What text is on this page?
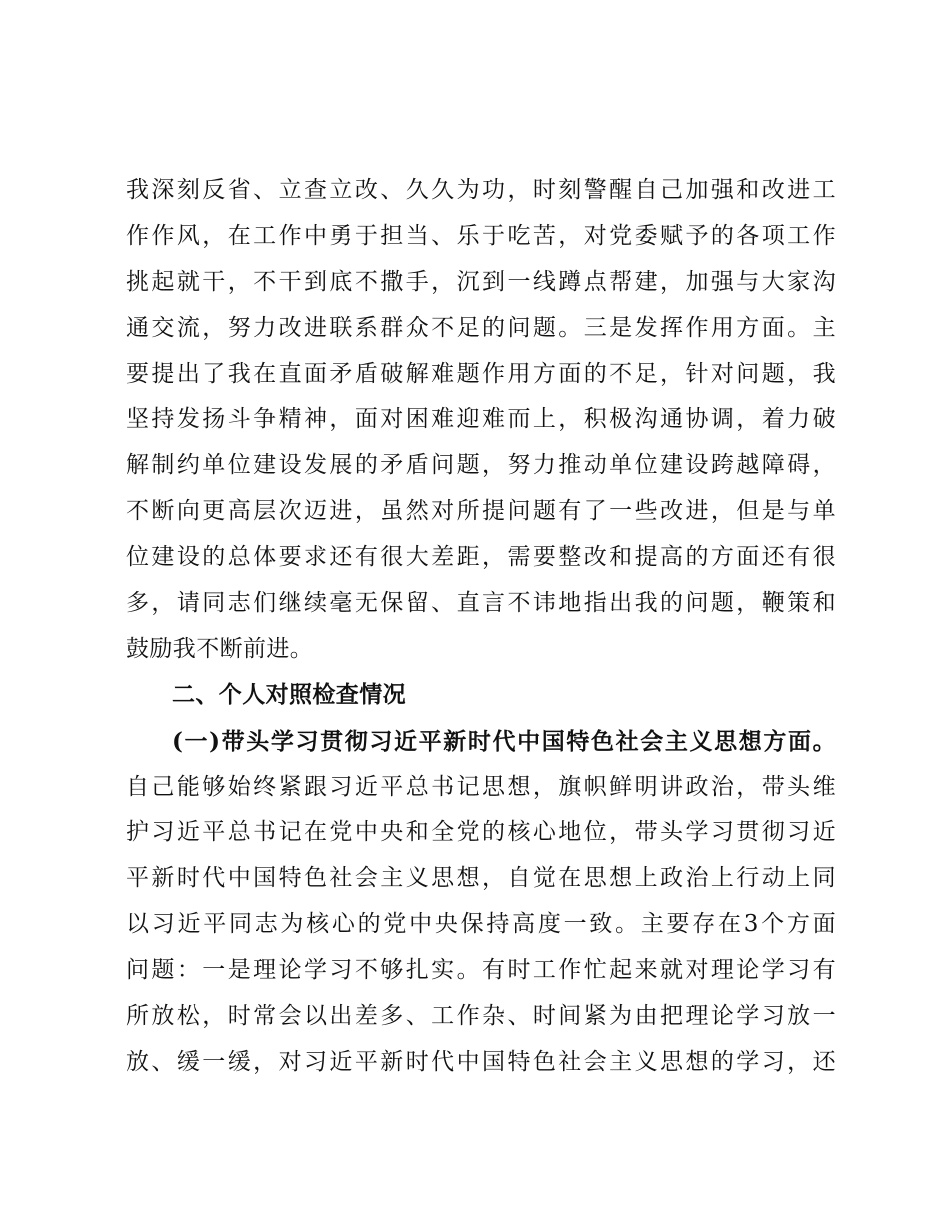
我深刻反省、立查立改、久久为功，时刻警醒自己加强和改进工
作作风，在工作中勇于担当、乐于吃苦，对党委赋予的各项工作
挑起就干，不干到底不撒手，沉到一线蹲点帮建，加强与大家沟
通交流，努力改进联系群众不足的问题。三是发挥作用方面。主
要提出了我在直面矛盾破解难题作用方面的不足，针对问题，我
坚持发扬斗争精神，面对困难迎难而上，积极沟通协调，着力破
解制约单位建设发展的矛盾问题，努力推动单位建设跨越障碍，
不断向更高层次迈进，虽然对所提问题有了一些改进，但是与单
位建设的总体要求还有很大差距，需要整改和提高的方面还有很
多，请同志们继续毫无保留、直言不讳地指出我的问题，鞭策和
鼓励我不断前进。
二、个人对照检查情况
(一)带头学习贯彻习近平新时代中国特色社会主义思想方面。
自己能够始终紧跟习近平总书记思想，旗帜鲜明讲政治，带头维
护习近平总书记在党中央和全党的核心地位，带头学习贯彻习近
平新时代中国特色社会主义思想，自觉在思想上政治上行动上同
以习近平同志为核心的党中央保持高度一致。主要存在3个方面
问题：一是理论学习不够扎实。有时工作忙起来就对理论学习有
所放松，时常会以出差多、工作杂、时间紧为由把理论学习放一
放、缓一缓，对习近平新时代中国特色社会主义思想的学习，还
